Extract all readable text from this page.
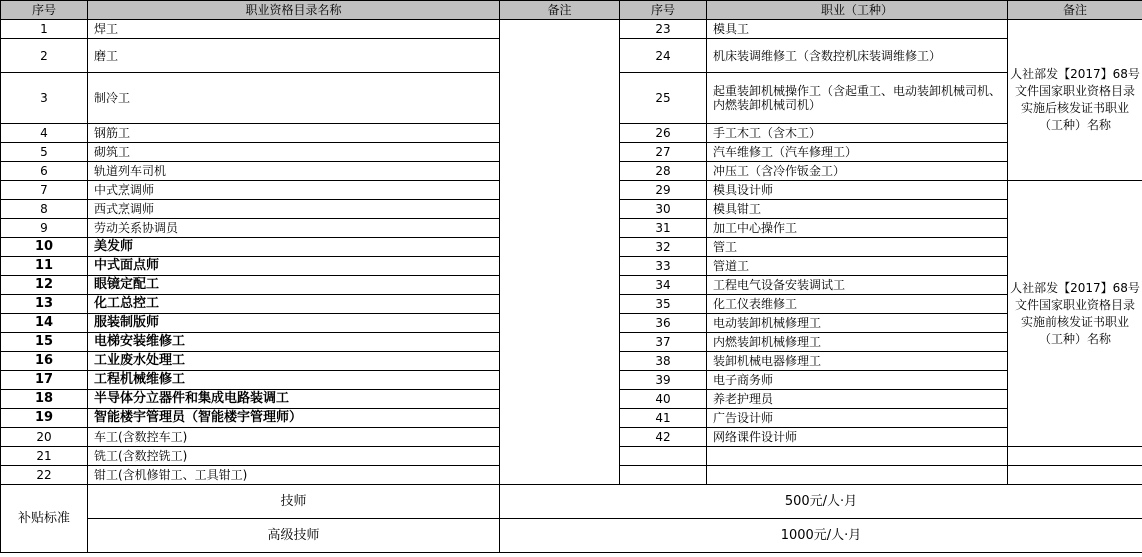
序号	职业资格目录名称	备注	序号	职业（工种）	备注
1	焊工		23	模具工	人社部发【2017】68号文件国家职业资格目录实施后核发证书职业（工种）名称
2	磨工		24	机床装调维修工（含数控机床装调维修工）	
3	制冷工		25	起重装卸机械操作工（含起重工、电动装卸机械司机、内燃装卸机械司机）	
4	钢筋工		26	手工木工（含木工）	
5	砌筑工		27	汽车维修工（汽车修理工）	
6	轨道列车司机		28	冲压工（含冷作钣金工）	
7	中式烹调师		29	模具设计师	人社部发【2017】68号文件国家职业资格目录实施前核发证书职业（工种）名称
8	西式烹调师		30	模具钳工	
9	劳动关系协调员		31	加工中心操作工	
10	美发师		32	管工	
11	中式面点师		33	管道工	
12	眼镜定配工		34	工程电气设备安装调试工	
13	化工总控工		35	化工仪表维修工	
14	服装制版师		36	电动装卸机械修理工	
15	电梯安装维修工		37	内燃装卸机械修理工	
16	工业废水处理工		38	装卸机械电器修理工	
17	工程机械维修工		39	电子商务师	
18	半导体分立器件和集成电路装调工		40	养老护理员	
19	智能楼宇管理员（智能楼宇管理师）		41	广告设计师	
20	车工(含数控车工)		42	网络课件设计师	
21	铣工(含数控铣工)				
22	钳工(含机修钳工、工具钳工)				
补贴标准	技师	500元/人·月			
	高级技师	1000元/人·月			
